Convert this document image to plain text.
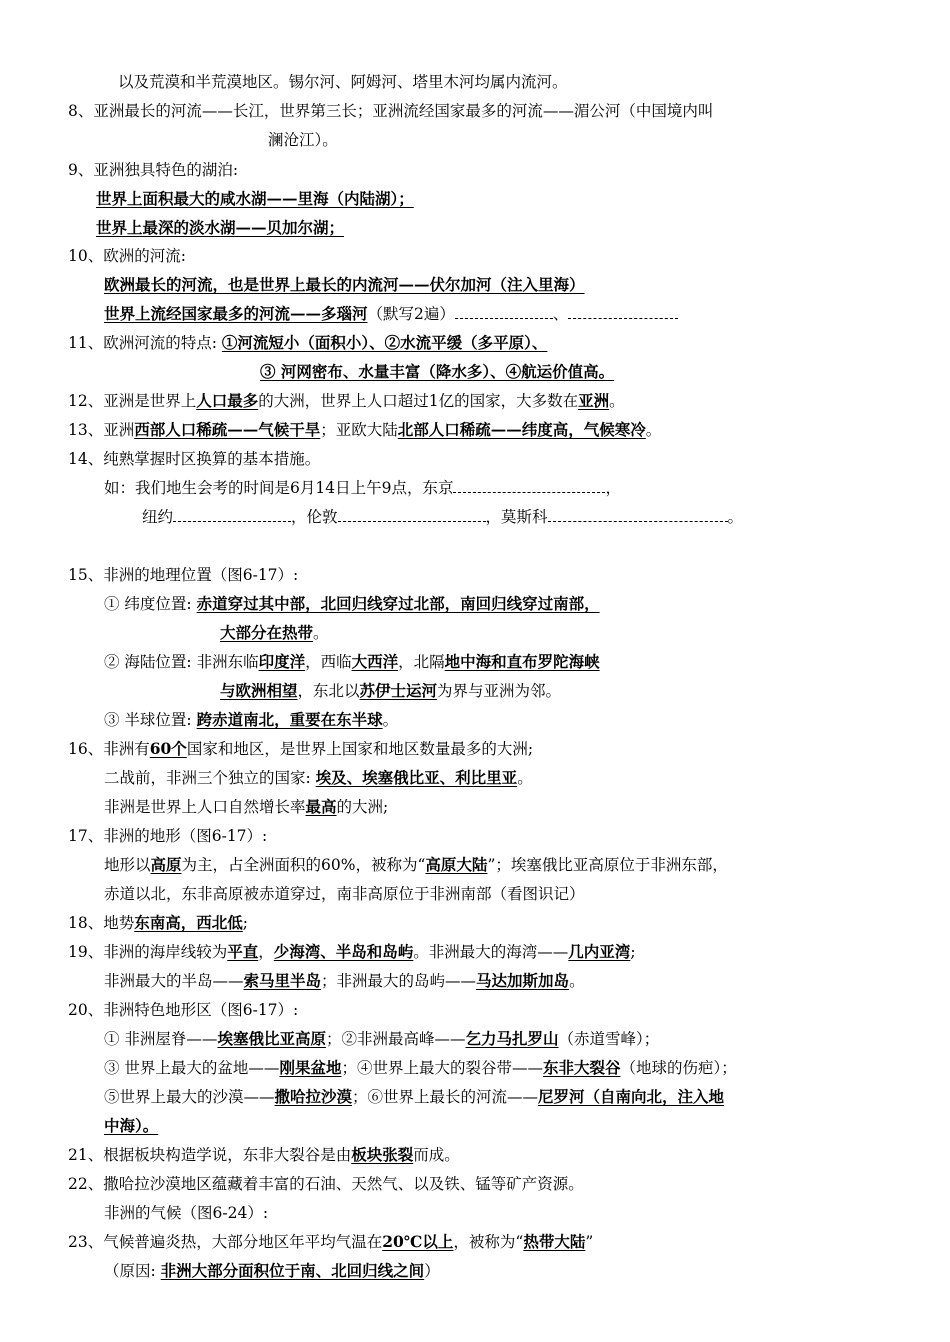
以及荒漠和半荒漠地区。锡尔河、阿姆河、塔里木河均属内流河。
8、亚洲最长的河流——长江，世界第三长；亚洲流经国家最多的河流——湄公河（中国境内叫
澜沧江）。
9、亚洲独具特色的湖泊:
世界上面积最大的咸水湖——里海（内陆湖）；
世界上最深的淡水湖——贝加尔湖；
10、欧洲的河流:
欧洲最长的河流，也是世界上最长的内流河——伏尔加河（注入里海）
世界上流经国家最多的河流——多瑙河（默写2遍）	、
11、欧洲河流的特点: ①河流短小（面积小）、②水流平缓（多平原）、
③ 河网密布、水量丰富（降水多）、④航运价值高。
12、亚洲是世界上人口最多的大洲，世界上人口超过1亿的国家，大多数在亚洲。
13、亚洲西部人口稀疏——气候干旱；亚欧大陆北部人口稀疏——纬度高，气候寒冷。
14、纯熟掌握时区换算的基本措施。
如：我们地生会考的时间是6月14日上午9点，东京	，
纽约	，伦敦	，莫斯科	。
15、非洲的地理位置（图6-17）:
① 纬度位置: 赤道穿过其中部，北回归线穿过北部，南回归线穿过南部，
大部分在热带。
② 海陆位置: 非洲东临印度洋，西临大西洋，北隔地中海和直布罗陀海峡
与欧洲相望，东北以苏伊士运河为界与亚洲为邻。
③ 半球位置: 跨赤道南北，重要在东半球。
16、非洲有60个国家和地区，是世界上国家和地区数量最多的大洲;
二战前，非洲三个独立的国家: 埃及、埃塞俄比亚、利比里亚。
非洲是世界上人口自然增长率最高的大洲;
17、非洲的地形（图6-17）:
地形以高原为主，占全洲面积的60%，被称为“高原大陆”；埃塞俄比亚高原位于非洲东部，
赤道以北，东非高原被赤道穿过，南非高原位于非洲南部（看图识记）
18、地势东南高，西北低;
19、非洲的海岸线较为平直，少海湾、半岛和岛屿。非洲最大的海湾——几内亚湾;
非洲最大的半岛——索马里半岛；非洲最大的岛屿——马达加斯加岛。
20、非洲特色地形区（图6-17）:
① 非洲屋脊——埃塞俄比亚高原；②非洲最高峰——乞力马扎罗山（赤道雪峰）；
③ 世界上最大的盆地——刚果盆地；④世界上最大的裂谷带——东非大裂谷（地球的伤疤）；
⑤世界上最大的沙漠——撒哈拉沙漠；⑥世界上最长的河流——尼罗河（自南向北，注入地
中海）。
21、根据板块构造学说，东非大裂谷是由板块张裂而成。
22、撒哈拉沙漠地区蕴藏着丰富的石油、天然气、以及铁、锰等矿产资源。
非洲的气候（图6-24）:
23、气候普遍炎热，大部分地区年平均气温在20℃以上，被称为“热带大陆”
（原因: 非洲大部分面积位于南、北回归线之间）
